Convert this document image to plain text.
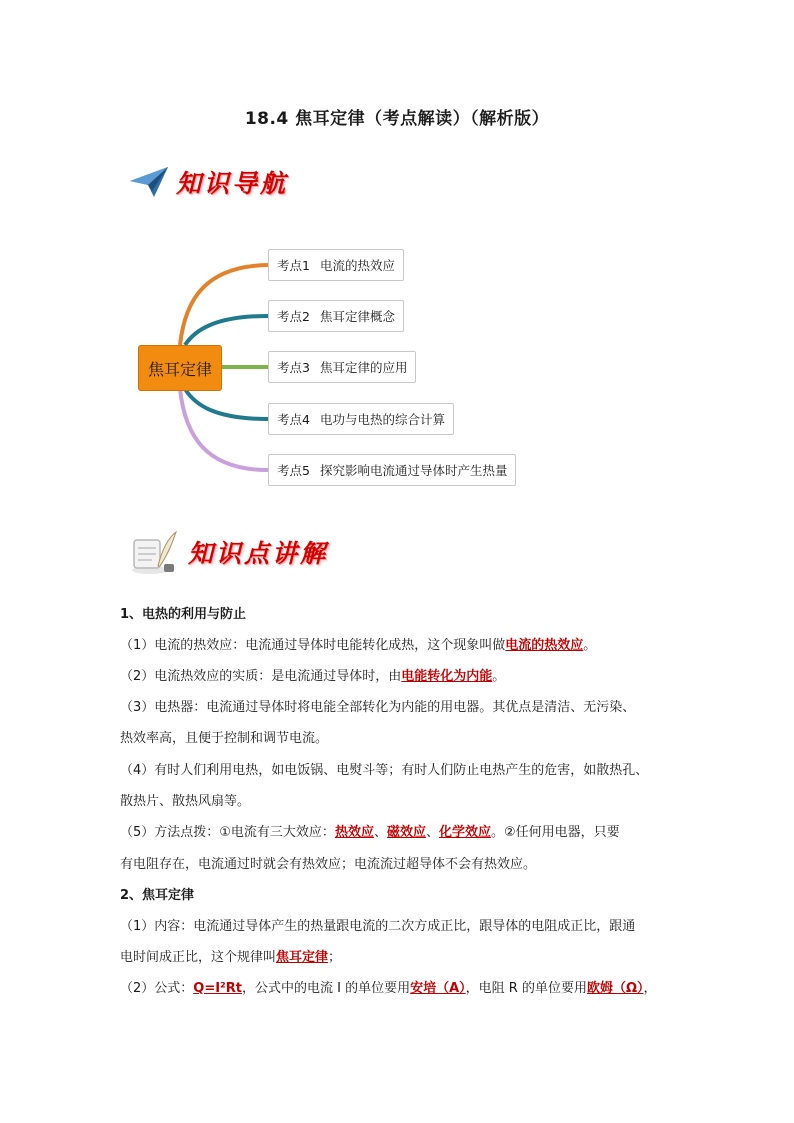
18.4 焦耳定律（考点解读）（解析版）
知识导航
焦耳定律
考点1 电流的热效应
考点2 焦耳定律概念
考点3 焦耳定律的应用
考点4 电功与电热的综合计算
考点5 探究影响电流通过导体时产生热量
知识点讲解
1、电热的利用与防止
（1）电流的热效应：电流通过导体时电能转化成热，这个现象叫做电流的热效应。
（2）电流热效应的实质：是电流通过导体时，由电能转化为内能。
（3）电热器：电流通过导体时将电能全部转化为内能的用电器。其优点是清洁、无污染、
热效率高，且便于控制和调节电流。
（4）有时人们利用电热，如电饭锅、电熨斗等；有时人们防止电热产生的危害，如散热孔、
散热片、散热风扇等。
（5）方法点拨：①电流有三大效应：热效应、磁效应、化学效应。②任何用电器，只要
有电阻存在，电流通过时就会有热效应；电流流过超导体不会有热效应。
2、焦耳定律
（1）内容：电流通过导体产生的热量跟电流的二次方成正比，跟导体的电阻成正比，跟通
电时间成正比，这个规律叫焦耳定律；
（2）公式：Q=I²Rt，公式中的电流 I 的单位要用安培（A），电阻 R 的单位要用欧姆（Ω），
